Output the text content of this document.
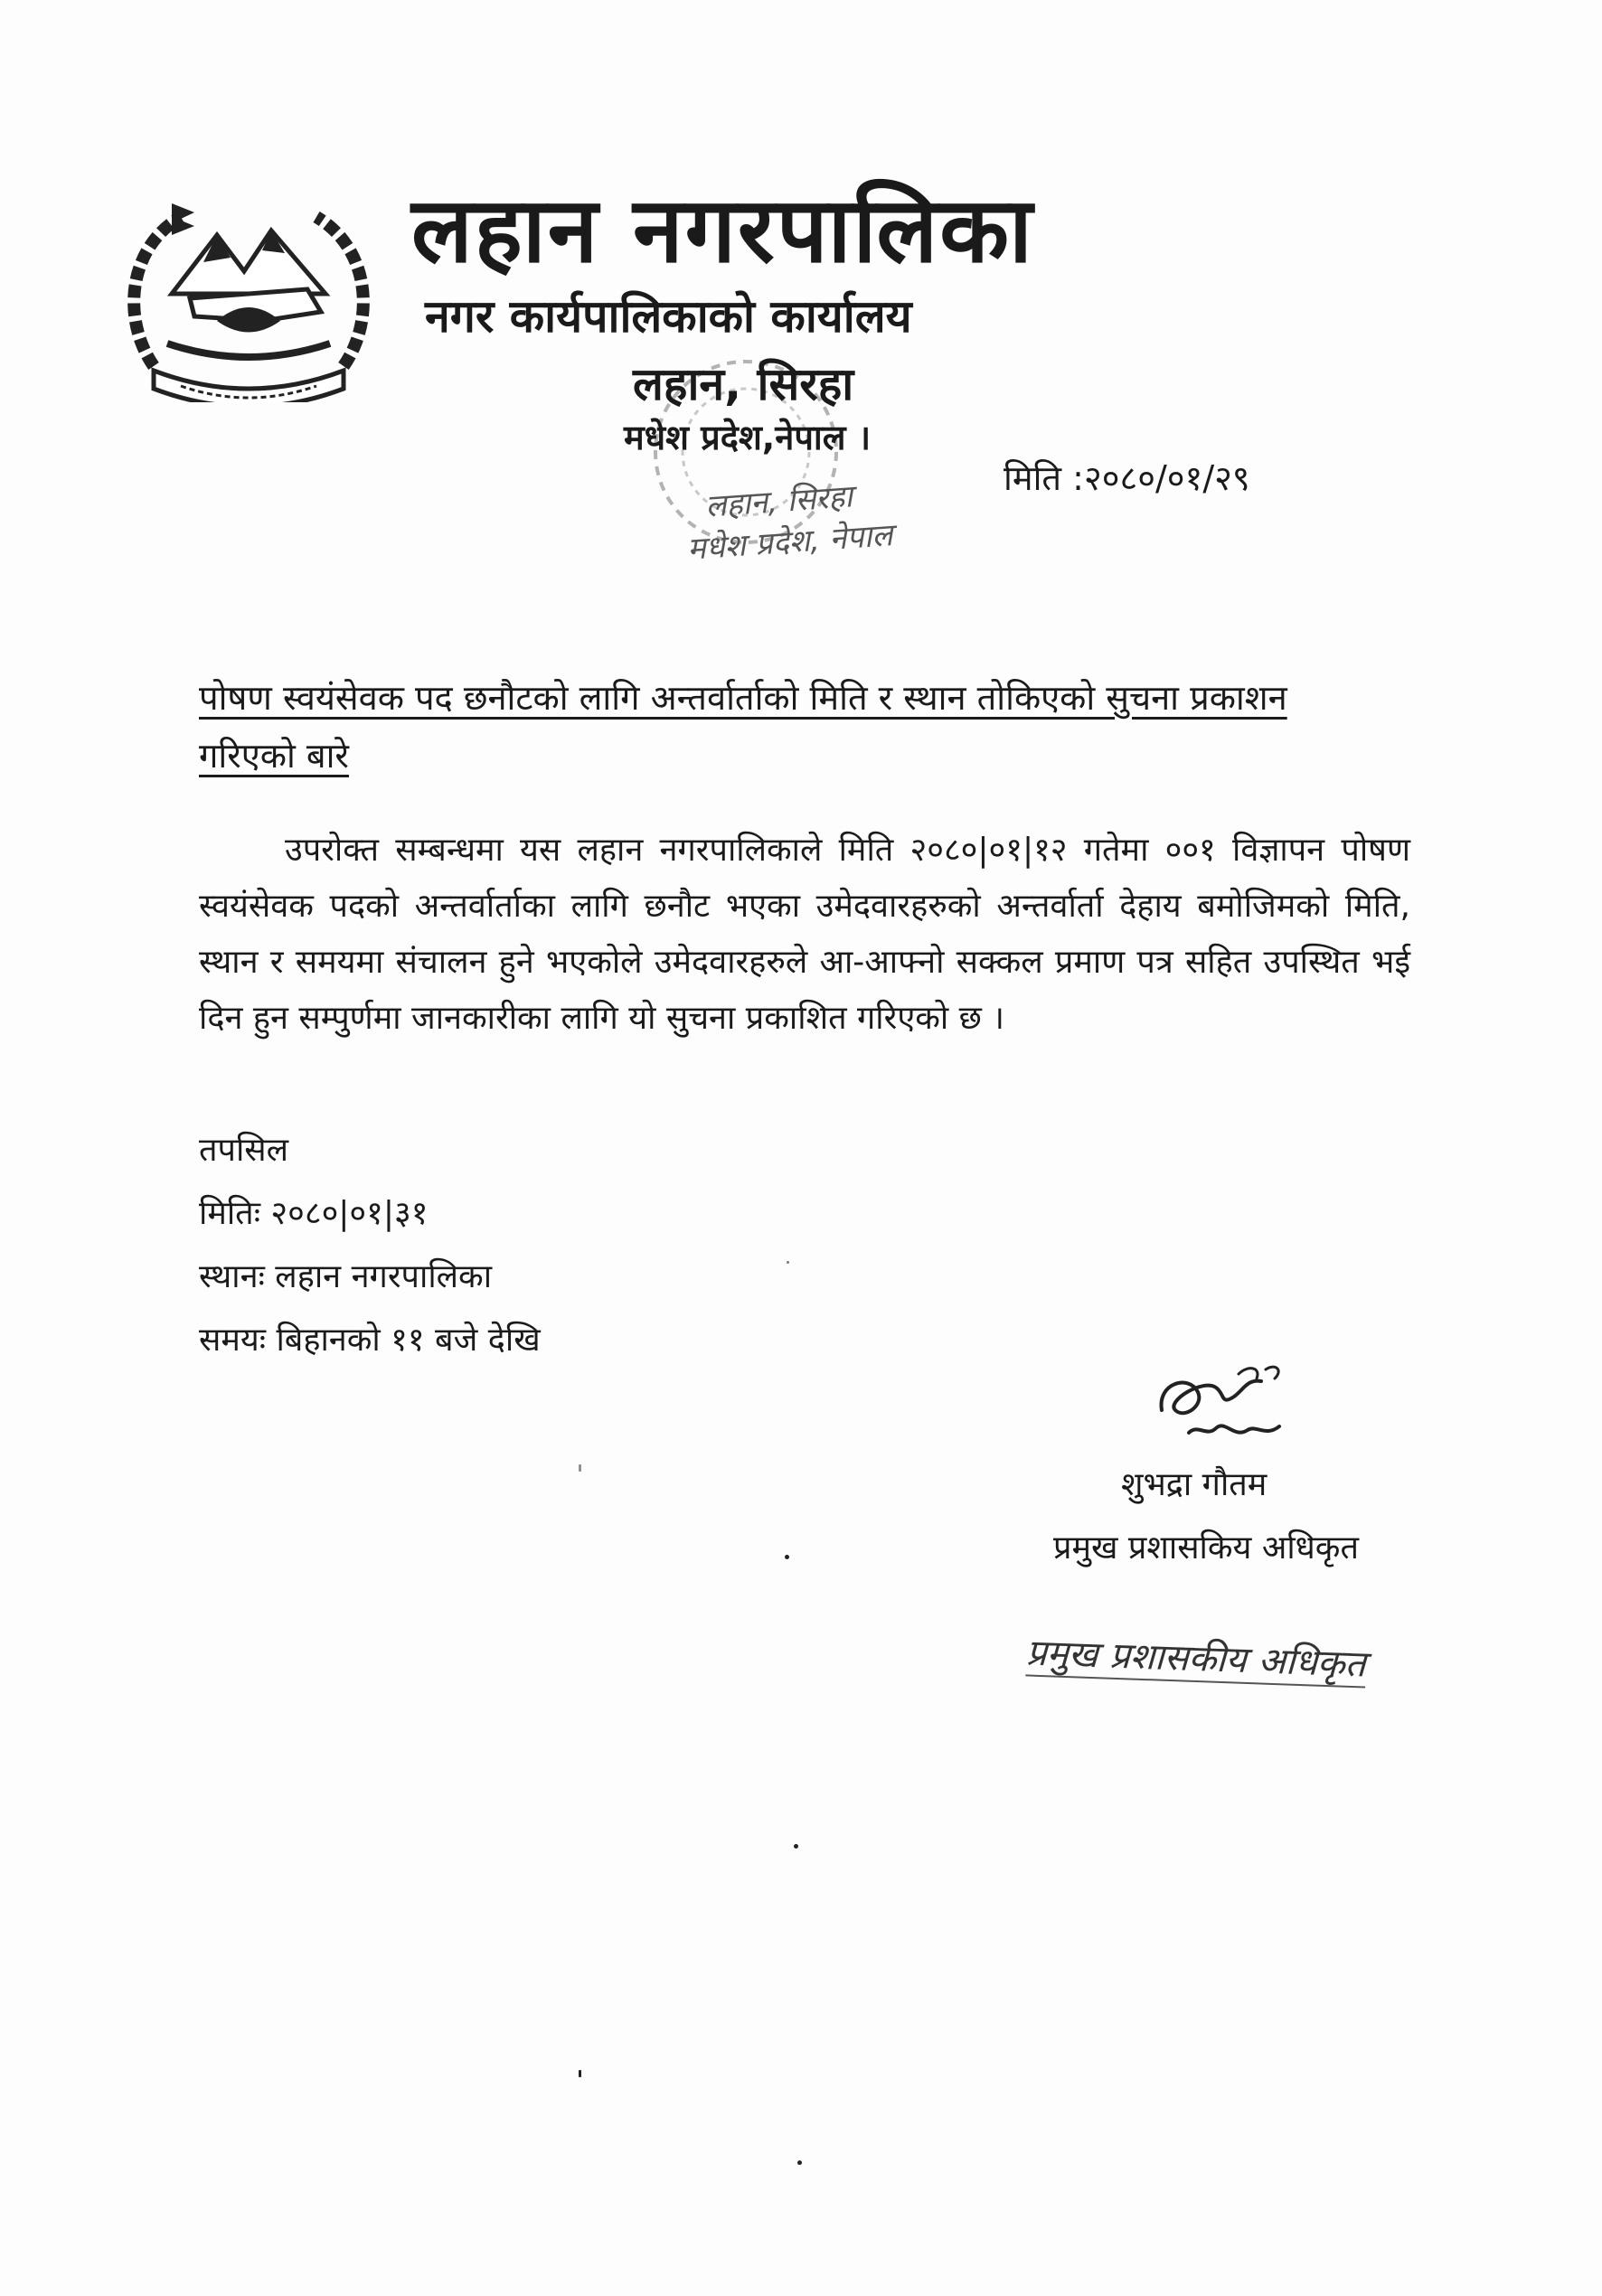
लहान नगरपालिका
नगर कार्यपालिकाको कार्यालय
लहान, सिरहा
मधेश प्रदेश,नेपाल ।
मिति :२०८०/०१/२९
लहान, सिरहा
मधेश प्रदेश, नेपाल
पोषण स्वयंसेवक पद छनौटको लागि अन्तर्वार्ताको मिति र स्थान तोकिएको सुचना प्रकाशन गरिएको बारे
उपरोक्त सम्बन्धमा यस लहान नगरपालिकाले मिति २०८०|०१|१२ गतेमा ००१ विज्ञापन पोषण स्वयंसेवक पदको अन्तर्वार्ताका लागि छनौट भएका उमेदवारहरुको अन्तर्वार्ता देहाय बमोजिमको मिति, स्थान र समयमा संचालन हुने भएकोले उमेदवारहरुले आ-आफ्नो सक्कल प्रमाण पत्र सहित उपस्थित भई दिन हुन सम्पुर्णमा जानकारीका लागि यो सुचना प्रकाशित गरिएको छ ।
तपसिल
मितिः २०८०|०१|३१
स्थानः लहान नगरपालिका
समयः बिहानको ११ बजे देखि
शुभद्रा गौतम
प्रमुख प्रशासकिय अधिकृत
प्रमुख प्रशासकीय अधिकृत
